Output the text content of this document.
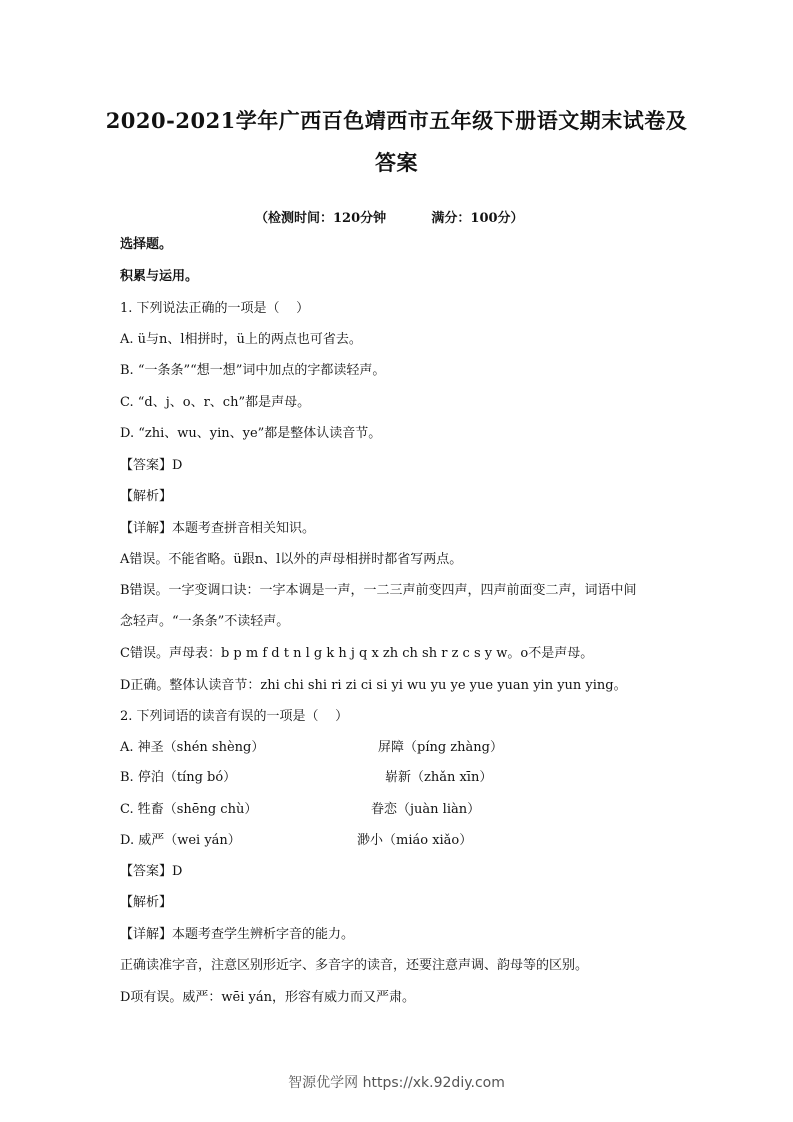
2020-2021学年广西百色靖西市五年级下册语文期末试卷及
答案
（检测时间：120分钟	满分：100分）
选择题。
积累与运用。
1. 下列说法正确的一项是（    ）
A. ü与n、l相拼时，ü上的两点也可省去。
B. “一条条”“想一想”词中加点的字都读轻声。
C. “d、j、o、r、ch”都是声母。
D. “zhi、wu、yin、ye”都是整体认读音节。
【答案】D
【解析】
【详解】本题考查拼音相关知识。
A错误。不能省略。ü跟n、l以外的声母相拼时都省写两点。
B错误。一字变调口诀：一字本调是一声，一二三声前变四声，四声前面变二声，词语中间
念轻声。“一条条”不读轻声。
C错误。声母表：b p m f d t n l g k h j q x zh ch sh r z c s y w。o不是声母。
D正确。整体认读音节：zhi chi shi ri zi ci si yi wu yu ye yue yuan yin yun ying。
2. 下列词语的读音有误的一项是（    ）
A. 神圣（shén shèng）	屏障（píng zhàng）
B. 停泊（tíng bó）	崭新（zhǎn xīn）
C. 牲畜（shēng chù）	眷恋（juàn liàn）
D. 威严（wei yán）	渺小（miáo xiǎo）
【答案】D
【解析】
【详解】本题考查学生辨析字音的能力。
正确读准字音，注意区别形近字、多音字的读音，还要注意声调、韵母等的区别。
D项有误。威严：wēi yán，形容有威力而又严肃。
智源优学网 https://xk.92diy.com
